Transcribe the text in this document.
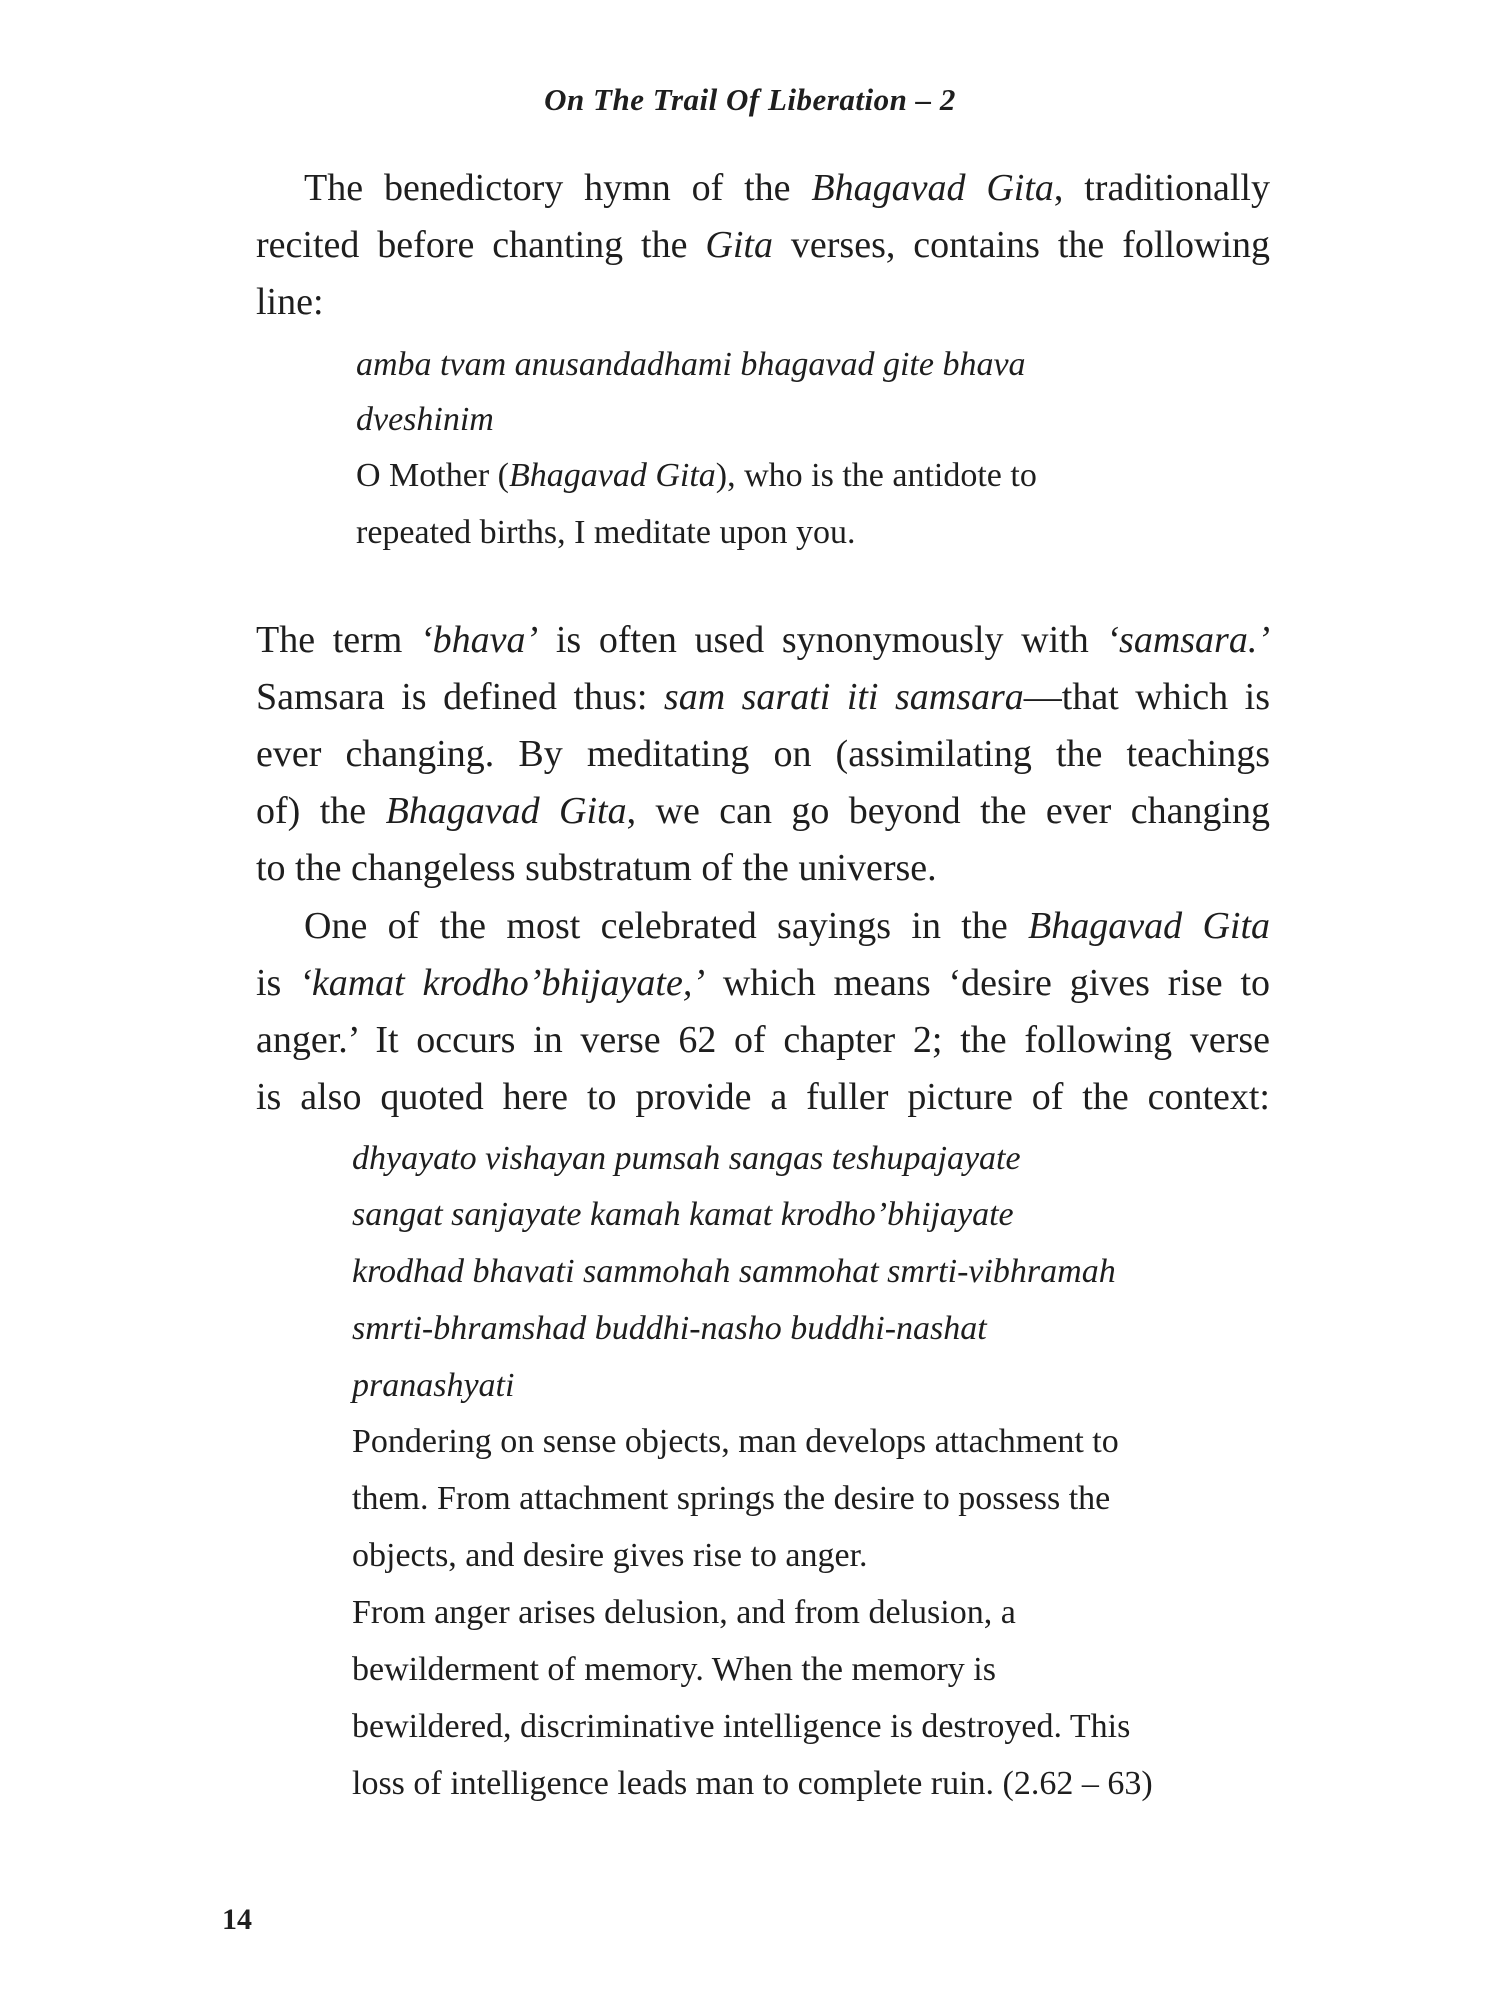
On The Trail Of Liberation – 2
The benedictory hymn of the Bhagavad Gita, traditionally
recited before chanting the Gita verses, contains the following
line:
amba tvam anusandadhami bhagavad gite bhava
dveshinim
O Mother (Bhagavad Gita), who is the antidote to
repeated births, I meditate upon you.
The term ‘bhava’ is often used synonymously with ‘samsara.’
Samsara is defined thus: sam sarati iti samsara—that which is
ever changing. By meditating on (assimilating the teachings
of) the Bhagavad Gita, we can go beyond the ever changing
to the changeless substratum of the universe.
One of the most celebrated sayings in the Bhagavad Gita
is ‘kamat krodho’bhijayate,’ which means ‘desire gives rise to
anger.’ It occurs in verse 62 of chapter 2; the following verse
is also quoted here to provide a fuller picture of the context:
dhyayato vishayan pumsah sangas teshupajayate
sangat sanjayate kamah kamat krodho’bhijayate
krodhad bhavati sammohah sammohat smrti-vibhramah
smrti-bhramshad buddhi-nasho buddhi-nashat
pranashyati
Pondering on sense objects, man develops attachment to
them. From attachment springs the desire to possess the
objects, and desire gives rise to anger.
From anger arises delusion, and from delusion, a
bewilderment of memory. When the memory is
bewildered, discriminative intelligence is destroyed. This
loss of intelligence leads man to complete ruin. (2.62 – 63)
14
